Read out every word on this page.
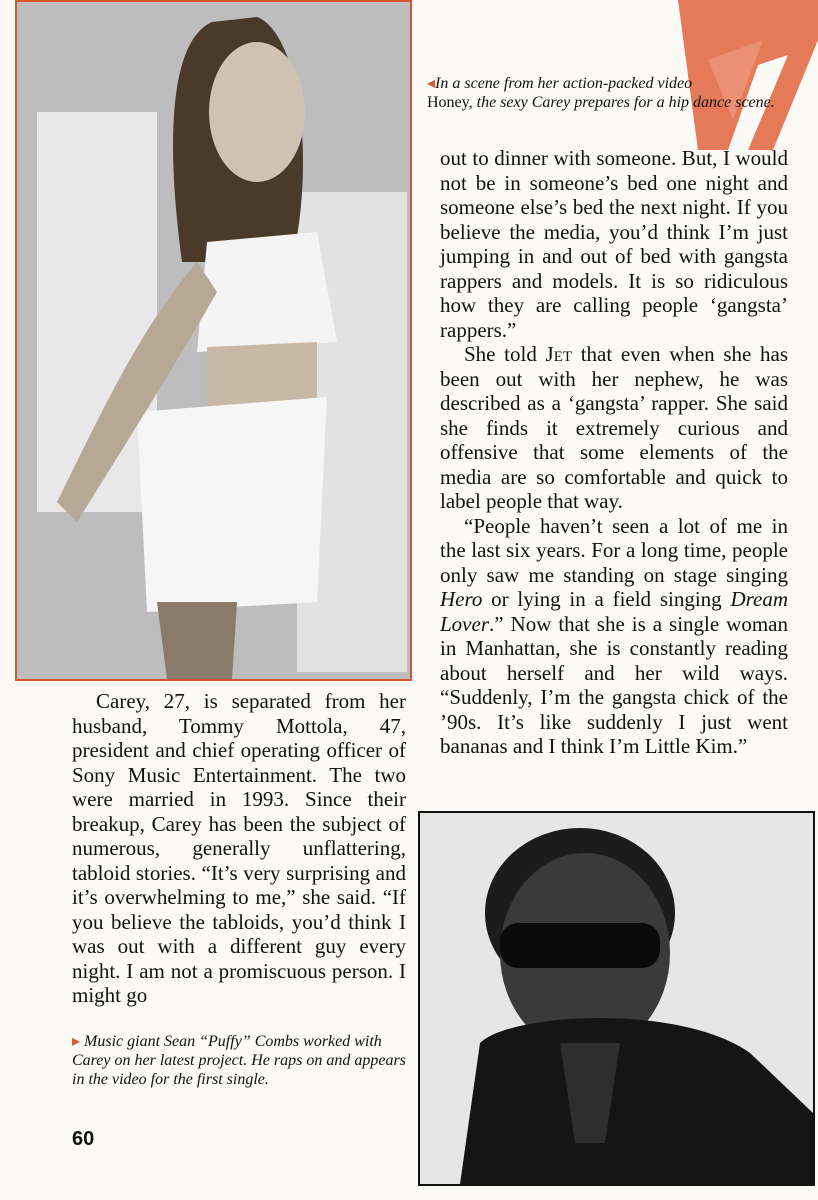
◂In a scene from her action-packed video
Honey, the sexy Carey prepares for a hip dance scene.

out to dinner with someone. But, I would not be in someone’s bed one night and someone else’s bed the next night. If you believe the media, you’d think I’m just jumping in and out of bed with gangsta rappers and models. It is so ridiculous how they are calling people ‘gangsta’ rappers.”

She told Jet that even when she has been out with her nephew, he was described as a ‘gangsta’ rapper. She said she finds it extremely curious and offensive that some elements of the media are so comfortable and quick to label people that way.

“People haven’t seen a lot of me in the last six years. For a long time, people only saw me standing on stage singing Hero or lying in a field singing Dream Lover.” Now that she is a single woman in Manhattan, she is constantly reading about herself and her wild ways. “Suddenly, I’m the gangsta chick of the ’90s. It’s like suddenly I just went bananas and I think I’m Little Kim.”

Carey, 27, is separated from her husband, Tommy Mottola, 47, president and chief operating officer of Sony Music Entertainment. The two were married in 1993. Since their breakup, Carey has been the subject of numerous, generally unflattering, tabloid stories. “It’s very surprising and it’s overwhelming to me,” she said. “If you believe the tabloids, you’d think I was out with a different guy every night. I am not a promiscuous person. I might go

▸ Music giant Sean “Puffy” Combs worked with Carey on her latest project. He raps on and appears in the video for the first single.
60
